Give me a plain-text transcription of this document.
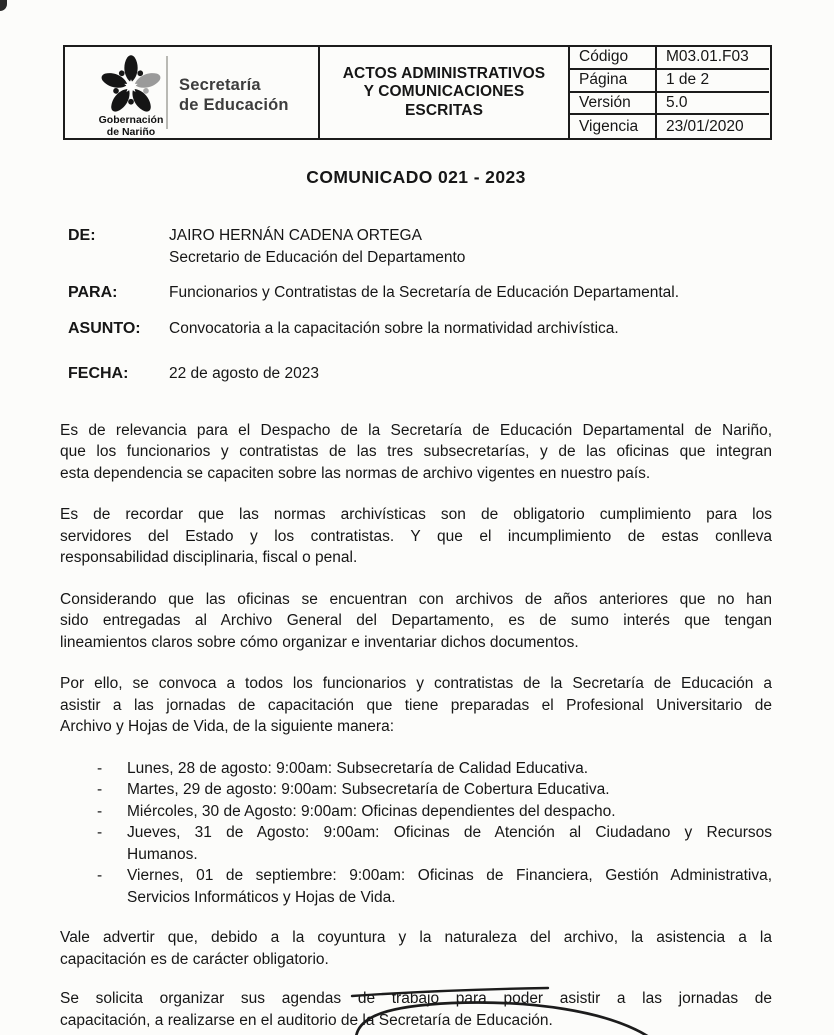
Gobernación
de Nariño
Secretaría
de Educación
ACTOS ADMINISTRATIVOS
Y COMUNICACIONES
ESCRITAS
Código	M03.01.F03
Página	1 de 2
Versión	5.0
Vigencia	23/01/2020
COMUNICADO 021 - 2023
DE:	JAIRO HERNÁN CADENA ORTEGA
Secretario de Educación del Departamento
PARA:	Funcionarios y Contratistas de la Secretaría de Educación Departamental.
ASUNTO:	Convocatoria a la capacitación sobre la normatividad archivística.
FECHA:	22 de agosto de 2023
Es de relevancia para el Despacho de la Secretaría de Educación Departamental de Nariño,
que los funcionarios y contratistas de las tres subsecretarías, y de las oficinas que integran
esta dependencia se capaciten sobre las normas de archivo vigentes en nuestro país.
Es de recordar que las normas archivísticas son de obligatorio cumplimiento para los
servidores del Estado y los contratistas. Y que el incumplimiento de estas conlleva
responsabilidad disciplinaria, fiscal o penal.
Considerando que las oficinas se encuentran con archivos de años anteriores que no han
sido entregadas al Archivo General del Departamento, es de sumo interés que tengan
lineamientos claros sobre cómo organizar e inventariar dichos documentos.
Por ello, se convoca a todos los funcionarios y contratistas de la Secretaría de Educación a
asistir a las jornadas de capacitación que tiene preparadas el Profesional Universitario de
Archivo y Hojas de Vida, de la siguiente manera:
-	Lunes, 28 de agosto: 9:00am: Subsecretaría de Calidad Educativa.
-	Martes, 29 de agosto: 9:00am: Subsecretaría de Cobertura Educativa.
-	Miércoles, 30 de Agosto: 9:00am: Oficinas dependientes del despacho.
-	Jueves, 31 de Agosto: 9:00am: Oficinas de Atención al Ciudadano y Recursos
Humanos.
-	Viernes, 01 de septiembre: 9:00am: Oficinas de Financiera, Gestión Administrativa,
Servicios Informáticos y Hojas de Vida.
Vale advertir que, debido a la coyuntura y la naturaleza del archivo, la asistencia a la
capacitación es de carácter obligatorio.
Se solicita organizar sus agendas de trabajo para poder asistir a las jornadas de
capacitación, a realizarse en el auditorio de la Secretaría de Educación.
